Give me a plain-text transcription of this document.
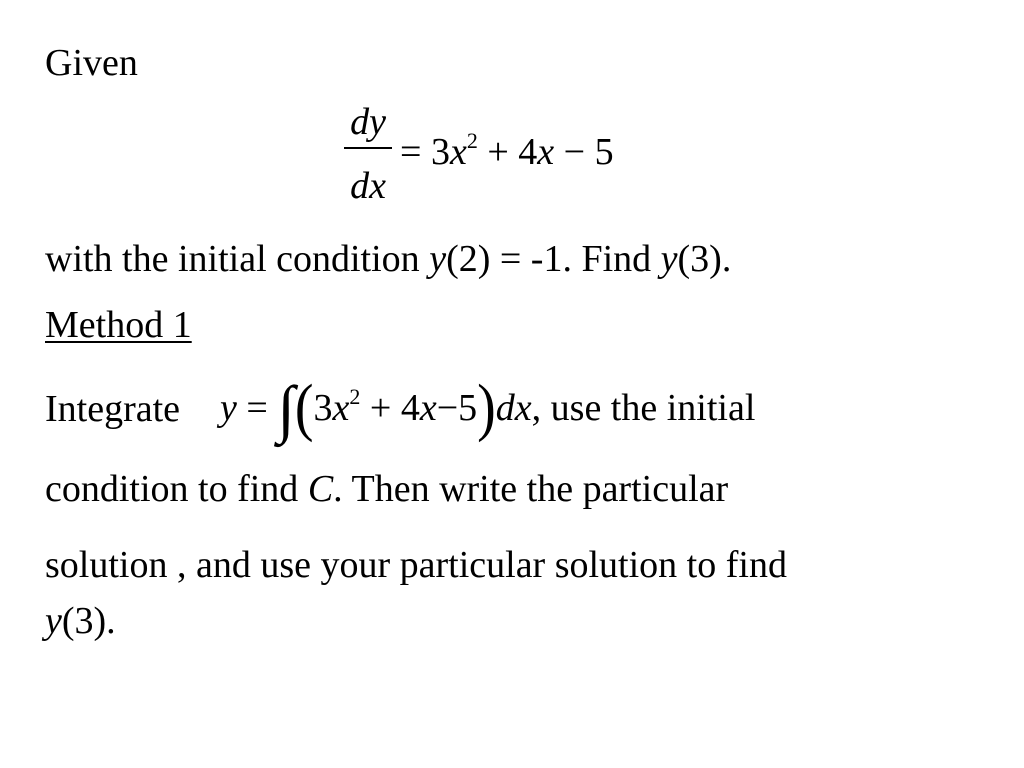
Given
dy
dx
= $3x^2 + 4x - 5$
with the initial condition y(2) = -1. Find y(3).
Method 1
Integrate $y = \int(3x^2 + 4x-5)dx$, use the initial
condition to find C. Then write the particular
solution , and use your particular solution to find
y(3).
